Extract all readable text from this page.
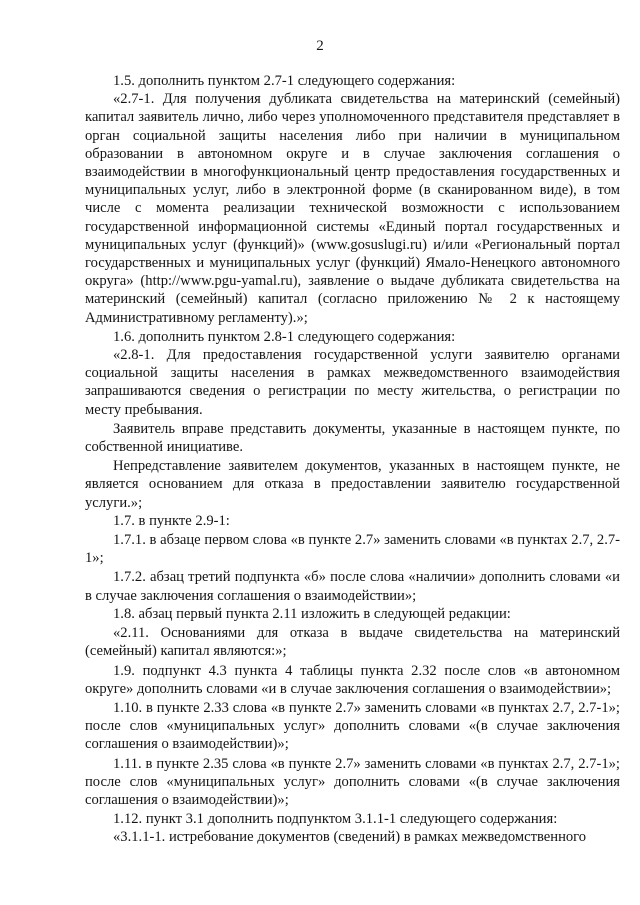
2

1.5. дополнить пунктом 2.7-1 следующего содержания:

«2.7-1. Для получения дубликата свидетельства на материнский (семейный) капитал заявитель лично, либо через уполномоченного представителя представляет в орган социальной защиты населения либо при наличии в муниципальном образовании в автономном округе и в случае заключения соглашения о взаимодействии в многофункциональный центр предоставления государственных и муниципальных услуг, либо в электронной форме (в сканированном виде), в том числе с момента реализации технической возможности с использованием государственной информационной системы «Единый портал государственных и муниципальных услуг (функций)» (www.gosuslugi.ru) и/или «Региональный портал государственных и муниципальных услуг (функций) Ямало-Ненецкого автономного округа» (http://www.pgu-yamal.ru), заявление о выдаче дубликата свидетельства на материнский (семейный) капитал (согласно приложению № 2 к настоящему Административному регламенту).»;

1.6. дополнить пунктом 2.8-1 следующего содержания:

«2.8-1. Для предоставления государственной услуги заявителю органами социальной защиты населения в рамках межведомственного взаимодействия запрашиваются сведения о регистрации по месту жительства, о регистрации по месту пребывания.

Заявитель вправе представить документы, указанные в настоящем пункте, по собственной инициативе.

Непредставление заявителем документов, указанных в настоящем пункте, не является основанием для отказа в предоставлении заявителю государственной услуги.»;

1.7. в пункте 2.9-1:

1.7.1. в абзаце первом слова «в пункте 2.7» заменить словами «в пунктах 2.7, 2.7-1»;

1.7.2. абзац третий подпункта «б» после слова «наличии» дополнить словами «и в случае заключения соглашения о взаимодействии»;

1.8. абзац первый пункта 2.11 изложить в следующей редакции:

«2.11. Основаниями для отказа в выдаче свидетельства на материнский (семейный) капитал являются:»;

1.9. подпункт 4.3 пункта 4 таблицы пункта 2.32 после слов «в автономном округе» дополнить словами «и в случае заключения соглашения о взаимодействии»;

1.10. в пункте 2.33 слова «в пункте 2.7» заменить словами «в пунктах 2.7, 2.7-1»; после слов «муниципальных услуг» дополнить словами «(в случае заключения соглашения о взаимодействии)»;

1.11. в пункте 2.35 слова «в пункте 2.7» заменить словами «в пунктах 2.7, 2.7-1»; после слов «муниципальных услуг» дополнить словами «(в случае заключения соглашения о взаимодействии)»;

1.12. пункт 3.1 дополнить подпунктом 3.1.1-1 следующего содержания:

«3.1.1-1. истребование документов (сведений) в рамках межведомственного
